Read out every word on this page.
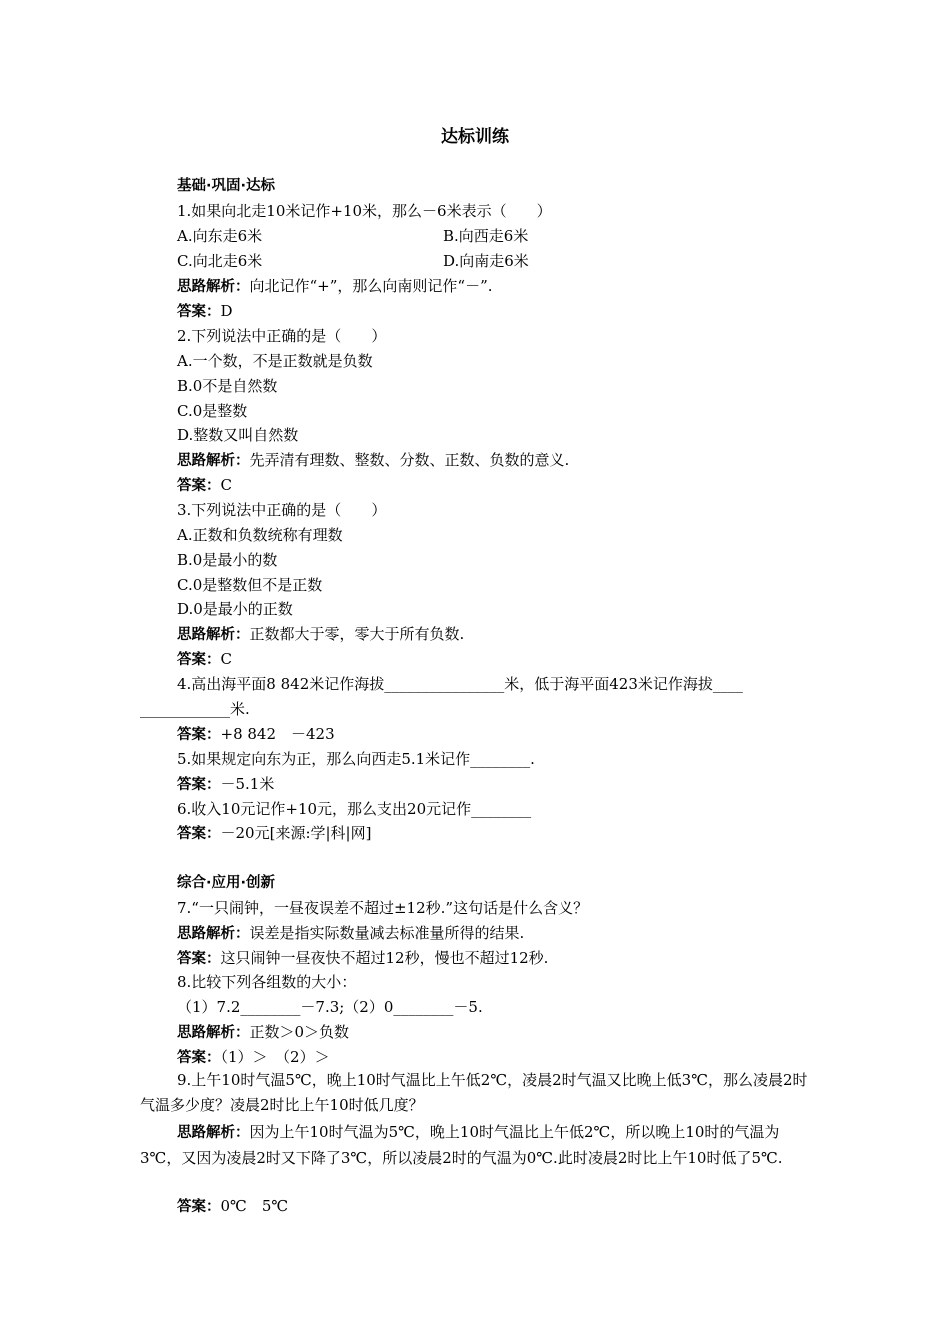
达标训练
基础·巩固·达标
1.如果向北走10米记作+10米，那么－6米表示（　　）
A.向东走6米	B.向西走6米
C.向北走6米	D.向南走6米
思路解析：向北记作“+”，那么向南则记作“－”.
答案：D
2.下列说法中正确的是（　　）
A.一个数，不是正数就是负数
B.0不是自然数
C.0是整数
D.整数又叫自然数
思路解析：先弄清有理数、整数、分数、正数、负数的意义.
答案：C
3.下列说法中正确的是（　　）
A.正数和负数统称有理数
B.0是最小的数
C.0是整数但不是正数
D.0是最小的正数
思路解析：正数都大于零，零大于所有负数.
答案：C
4.高出海平面8 842米记作海拔________________米，低于海平面423米记作海拔____
____________米.
答案：+8 842　－423
5.如果规定向东为正，那么向西走5.1米记作________.
答案：－5.1米
6.收入10元记作+10元，那么支出20元记作________
答案：－20元[来源:学|科|网]
综合·应用·创新
7.“一只闹钟，一昼夜误差不超过±12秒.”这句话是什么含义？
思路解析：误差是指实际数量减去标准量所得的结果.
答案：这只闹钟一昼夜快不超过12秒，慢也不超过12秒.
8.比较下列各组数的大小：
（1）7.2________－7.3;（2）0________－5.
思路解析：正数＞0＞负数
答案：（1）＞　（2）＞
9.上午10时气温5℃，晚上10时气温比上午低2℃，凌晨2时气温又比晚上低3℃，那么凌晨2时气温多少度？凌晨2时比上午10时低几度？
思路解析：因为上午10时气温为5℃，晚上10时气温比上午低2℃，所以晚上10时的气温为3℃，又因为凌晨2时又下降了3℃，所以凌晨2时的气温为0℃.此时凌晨2时比上午10时低了5℃.
答案：0℃　5℃
